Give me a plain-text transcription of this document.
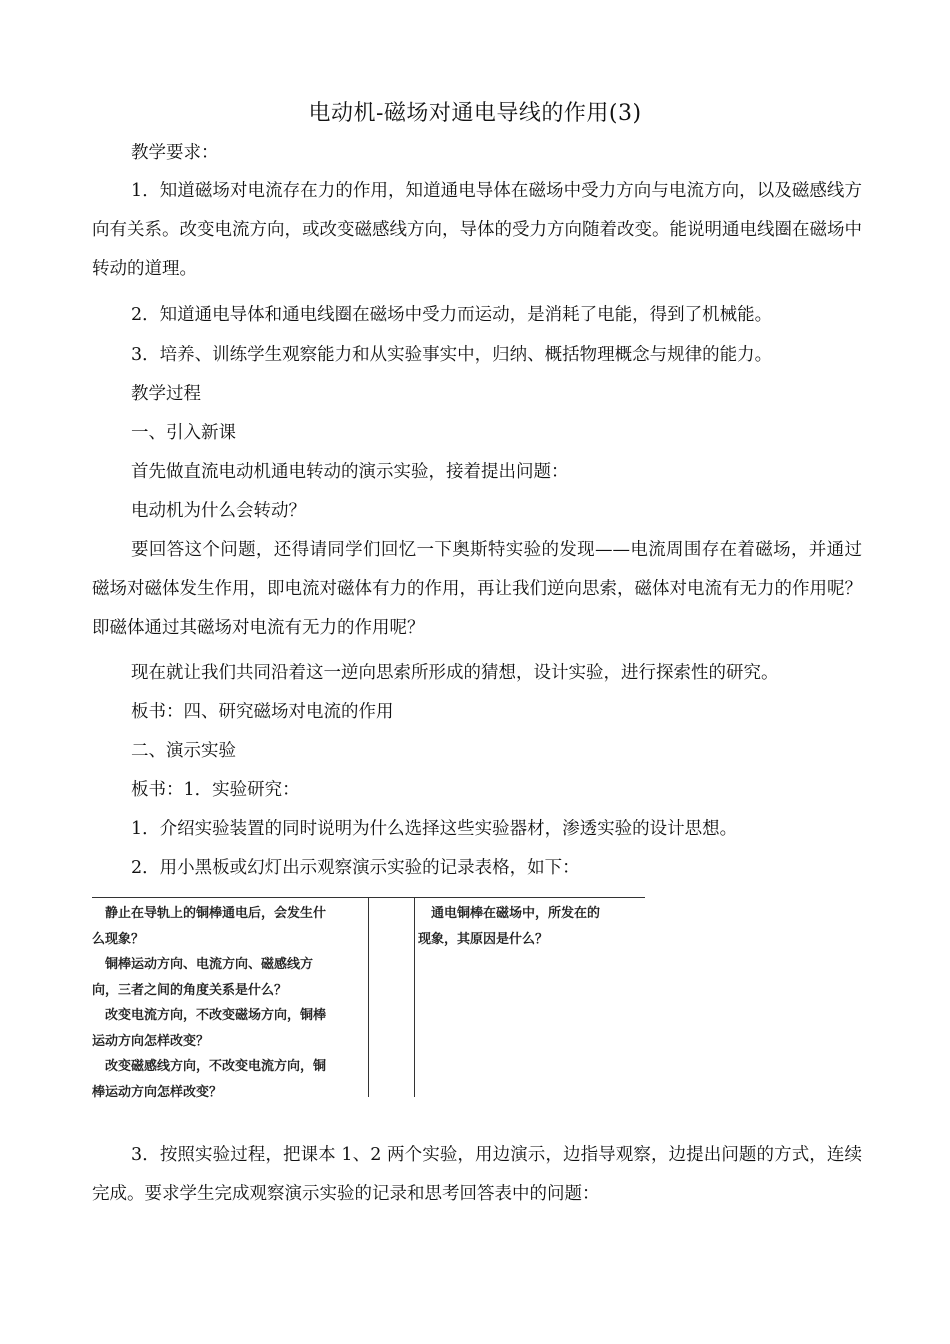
电动机-磁场对通电导线的作用(3)

教学要求：

1．知道磁场对电流存在力的作用，知道通电导体在磁场中受力方向与电流方向，以及磁感线方向有关系。改变电流方向，或改变磁感线方向，导体的受力方向随着改变。能说明通电线圈在磁场中转动的道理。

2．知道通电导体和通电线圈在磁场中受力而运动，是消耗了电能，得到了机械能。

3．培养、训练学生观察能力和从实验事实中，归纳、概括物理概念与规律的能力。

教学过程

一、引入新课

首先做直流电动机通电转动的演示实验，接着提出问题：

电动机为什么会转动？

要回答这个问题，还得请同学们回忆一下奥斯特实验的发现——电流周围存在着磁场，并通过磁场对磁体发生作用，即电流对磁体有力的作用，再让我们逆向思索，磁体对电流有无力的作用呢？即磁体通过其磁场对电流有无力的作用呢？

现在就让我们共同沿着这一逆向思索所形成的猜想，设计实验，进行探索性的研究。

板书：四、研究磁场对电流的作用

二、演示实验

板书：1．实验研究：

1．介绍实验装置的同时说明为什么选择这些实验器材，渗透实验的设计思想。

2．用小黑板或幻灯出示观察演示实验的记录表格，如下：

　静止在导轨上的铜棒通电后，会发生什
么现象？
　铜棒运动方向、电流方向、磁感线方
向，三者之间的角度关系是什么？
　改变电流方向，不改变磁场方向，铜棒
运动方向怎样改变？
　改变磁感线方向，不改变电流方向，铜
棒运动方向怎样改变？
　通电铜棒在磁场中，所发在的
现象，其原因是什么？

3．按照实验过程，把课本 1、2 两个实验，用边演示，边指导观察，边提出问题的方式，连续完成。要求学生完成观察演示实验的记录和思考回答表中的问题：
